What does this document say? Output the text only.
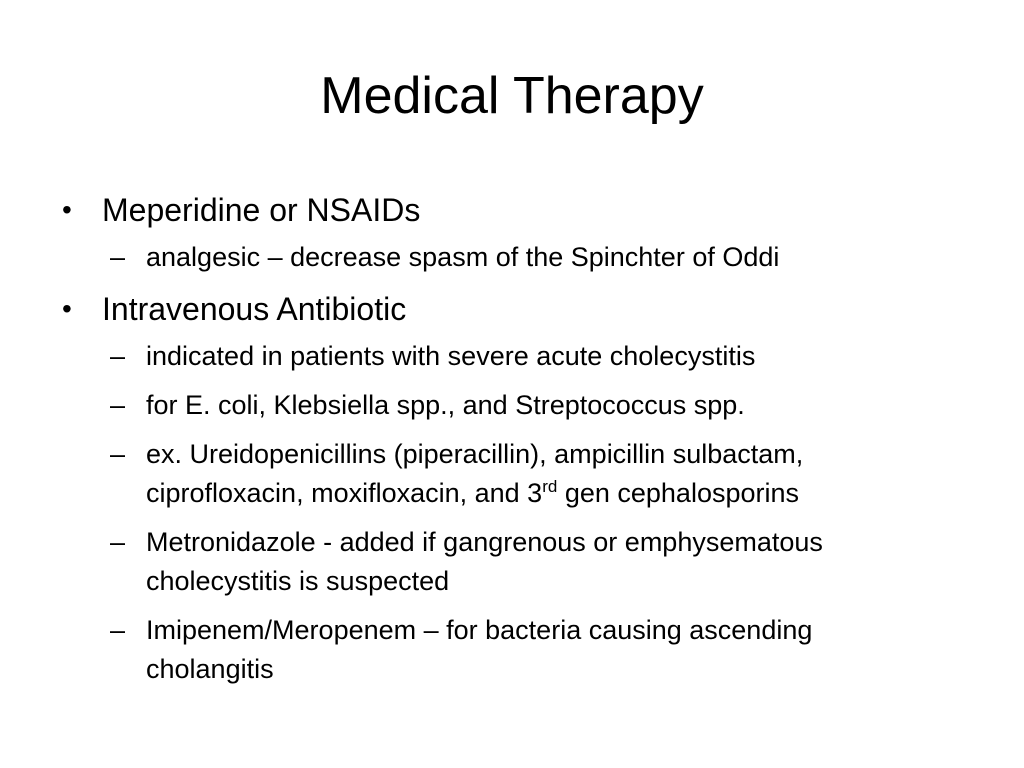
Medical Therapy
• Meperidine or NSAIDs
– analgesic – decrease spasm of the Spinchter of Oddi
• Intravenous Antibiotic
– indicated in patients with severe acute cholecystitis
– for E. coli, Klebsiella spp., and Streptococcus spp.
– ex. Ureidopenicillins (piperacillin), ampicillin sulbactam,
ciprofloxacin, moxifloxacin, and 3rd gen cephalosporins
– Metronidazole - added if gangrenous or emphysematous
cholecystitis is suspected
– Imipenem/Meropenem – for bacteria causing ascending
cholangitis
